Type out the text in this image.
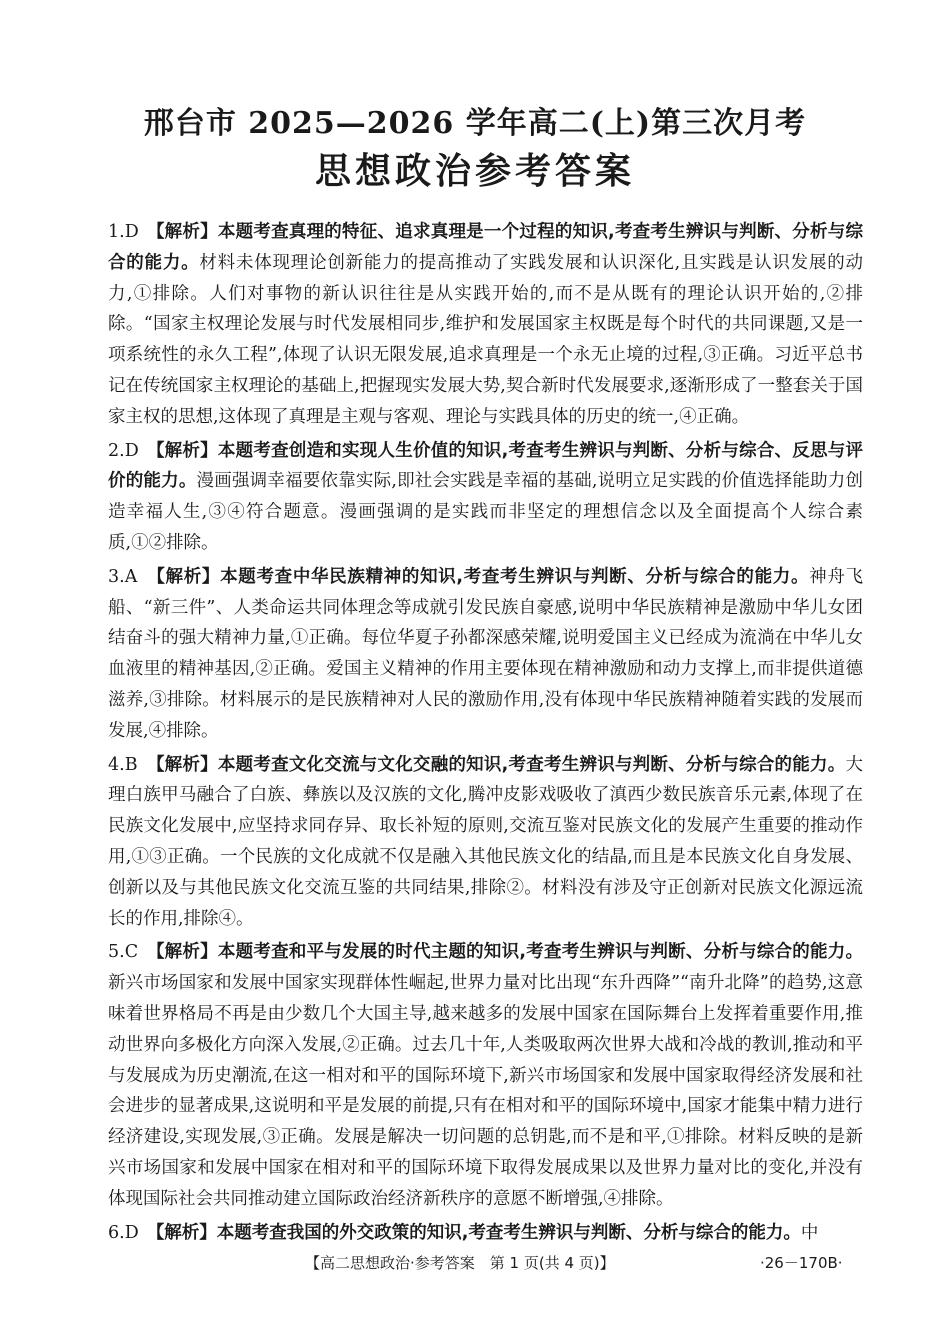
邢台市 2025—2026 学年高二(上)第三次月考
思想政治参考答案
1.D 【解析】本题考查真理的特征、追求真理是一个过程的知识,考查考生辨识与判断、分析与综合的能力。材料未体现理论创新能力的提高推动了实践发展和认识深化,且实践是认识发展的动力,①排除。人们对事物的新认识往往是从实践开始的,而不是从既有的理论认识开始的,②排除。“国家主权理论发展与时代发展相同步,维护和发展国家主权既是每个时代的共同课题,又是一项系统性的永久工程”,体现了认识无限发展,追求真理是一个永无止境的过程,③正确。习近平总书记在传统国家主权理论的基础上,把握现实发展大势,契合新时代发展要求,逐渐形成了一整套关于国家主权的思想,这体现了真理是主观与客观、理论与实践具体的历史的统一,④正确。
2.D 【解析】本题考查创造和实现人生价值的知识,考查考生辨识与判断、分析与综合、反思与评价的能力。漫画强调幸福要依靠实际,即社会实践是幸福的基础,说明立足实践的价值选择能助力创造幸福人生,③④符合题意。漫画强调的是实践而非坚定的理想信念以及全面提高个人综合素质,①②排除。
3.A 【解析】本题考查中华民族精神的知识,考查考生辨识与判断、分析与综合的能力。神舟飞船、“新三件”、人类命运共同体理念等成就引发民族自豪感,说明中华民族精神是激励中华儿女团结奋斗的强大精神力量,①正确。每位华夏子孙都深感荣耀,说明爱国主义已经成为流淌在中华儿女血液里的精神基因,②正确。爱国主义精神的作用主要体现在精神激励和动力支撑上,而非提供道德滋养,③排除。材料展示的是民族精神对人民的激励作用,没有体现中华民族精神随着实践的发展而发展,④排除。
4.B 【解析】本题考查文化交流与文化交融的知识,考查考生辨识与判断、分析与综合的能力。大理白族甲马融合了白族、彝族以及汉族的文化,腾冲皮影戏吸收了滇西少数民族音乐元素,体现了在民族文化发展中,应坚持求同存异、取长补短的原则,交流互鉴对民族文化的发展产生重要的推动作用,①③正确。一个民族的文化成就不仅是融入其他民族文化的结晶,而且是本民族文化自身发展、创新以及与其他民族文化交流互鉴的共同结果,排除②。材料没有涉及守正创新对民族文化源远流长的作用,排除④。
5.C 【解析】本题考查和平与发展的时代主题的知识,考查考生辨识与判断、分析与综合的能力。新兴市场国家和发展中国家实现群体性崛起,世界力量对比出现“东升西降”“南升北降”的趋势,这意味着世界格局不再是由少数几个大国主导,越来越多的发展中国家在国际舞台上发挥着重要作用,推动世界向多极化方向深入发展,②正确。过去几十年,人类吸取两次世界大战和冷战的教训,推动和平与发展成为历史潮流,在这一相对和平的国际环境下,新兴市场国家和发展中国家取得经济发展和社会进步的显著成果,这说明和平是发展的前提,只有在相对和平的国际环境中,国家才能集中精力进行经济建设,实现发展,③正确。发展是解决一切问题的总钥匙,而不是和平,①排除。材料反映的是新兴市场国家和发展中国家在相对和平的国际环境下取得发展成果以及世界力量对比的变化,并没有体现国际社会共同推动建立国际政治经济新秩序的意愿不断增强,④排除。
6.D 【解析】本题考查我国的外交政策的知识,考查考生辨识与判断、分析与综合的能力。中
【高二思想政治·参考答案　第 1 页(共 4 页)】	·26－170B·
